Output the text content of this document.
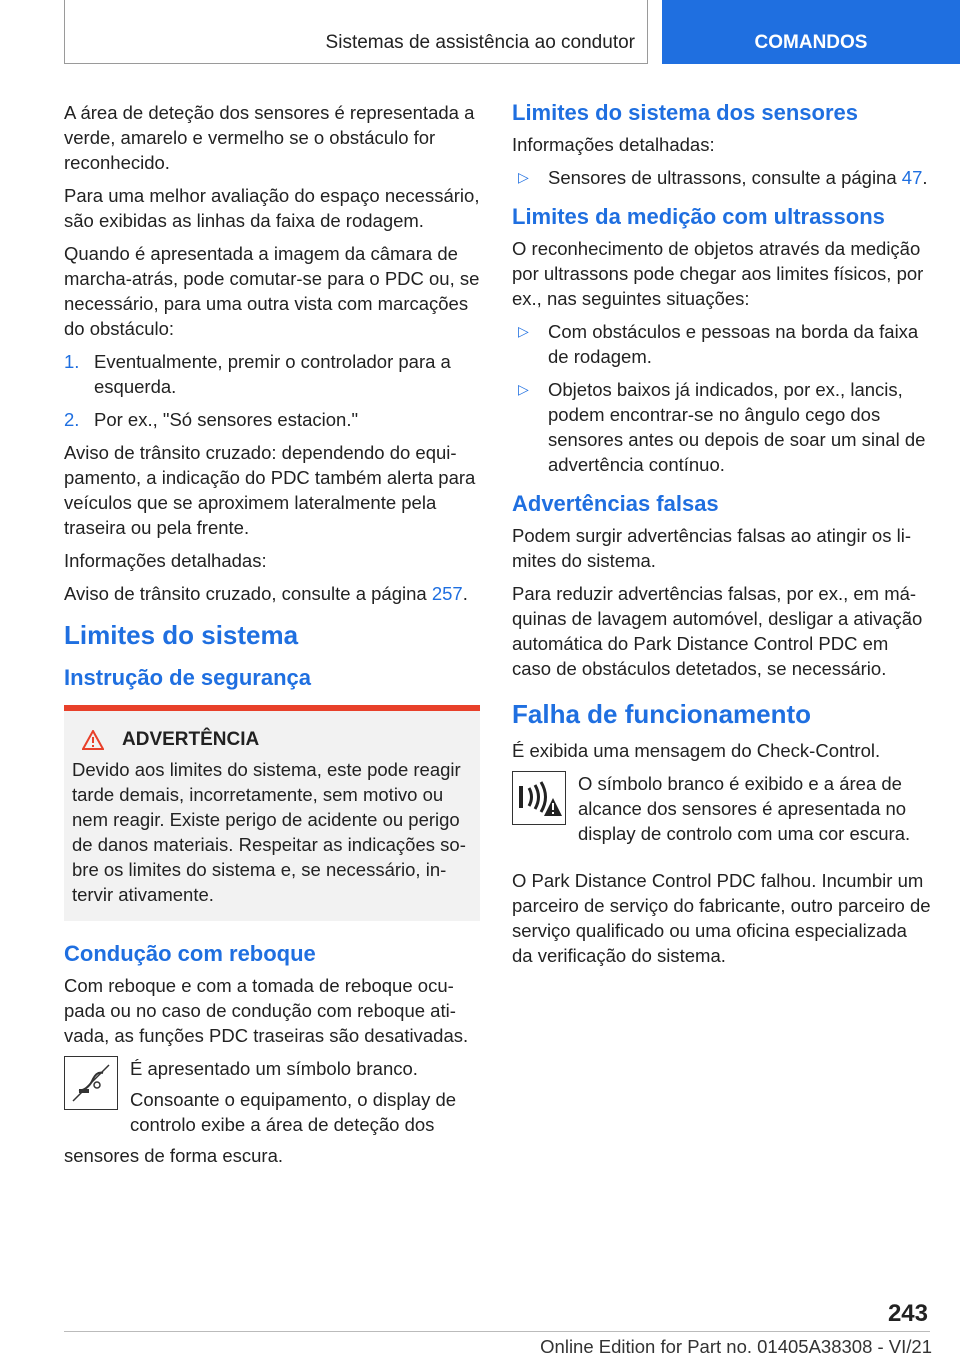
Sistemas de assistência ao condutor	COMANDOS

A área de deteção dos sensores é representada a verde, amarelo e vermelho se o obstáculo for reconhecido.

Para uma melhor avaliação do espaço necessário, são exibidas as linhas da faixa de rodagem.

Quando é apresentada a imagem da câmara de marcha-atrás, pode comutar-se para o PDC ou, se necessário, para uma outra vista com marcações do obstáculo:

1. Eventualmente, premir o controlador para a esquerda.
2. Por ex., "Só sensores estacion."

Aviso de trânsito cruzado: dependendo do equipamento, a indicação do PDC também alerta para veículos que se aproximem lateralmente pela traseira ou pela frente.

Informações detalhadas:

Aviso de trânsito cruzado, consulte a página 257.

Limites do sistema
Instrução de segurança
ADVERTÊNCIA
Devido aos limites do sistema, este pode reagir tarde demais, incorretamente, sem motivo ou nem reagir. Existe perigo de acidente ou perigo de danos materiais. Respeitar as indicações sobre os limites do sistema e, se necessário, intervir ativamente.
Condução com reboque

Com reboque e com a tomada de reboque ocupada ou no caso de condução com reboque ativada, as funções PDC traseiras são desativadas.

É apresentado um símbolo branco.

Consoante o equipamento, o display de controlo exibe a área de deteção dos

sensores de forma escura.

Limites do sistema dos sensores

Informações detalhadas:

▷	Sensores de ultrassons, consulte a página 47.
Limites da medição com ultrassons

O reconhecimento de objetos através da medição por ultrassons pode chegar aos limites físicos, por ex., nas seguintes situações:

▷	Com obstáculos e pessoas na borda da faixa de rodagem.
▷	Objetos baixos já indicados, por ex., lancis, podem encontrar-se no ângulo cego dos sensores antes ou depois de soar um sinal de advertência contínuo.
Advertências falsas

Podem surgir advertências falsas ao atingir os limites do sistema.

Para reduzir advertências falsas, por ex., em máquinas de lavagem automóvel, desligar a ativação automática do Park Distance Control PDC em caso de obstáculos detetados, se necessário.

Falha de funcionamento

É exibida uma mensagem do Check-Control.

O símbolo branco é exibido e a área de alcance dos sensores é apresentada no display de controlo com uma cor escura.

O Park Distance Control PDC falhou. Incumbir um parceiro de serviço do fabricante, outro parceiro de serviço qualificado ou uma oficina especializada da verificação do sistema.

243
Online Edition for Part no. 01405A38308 - VI/21
